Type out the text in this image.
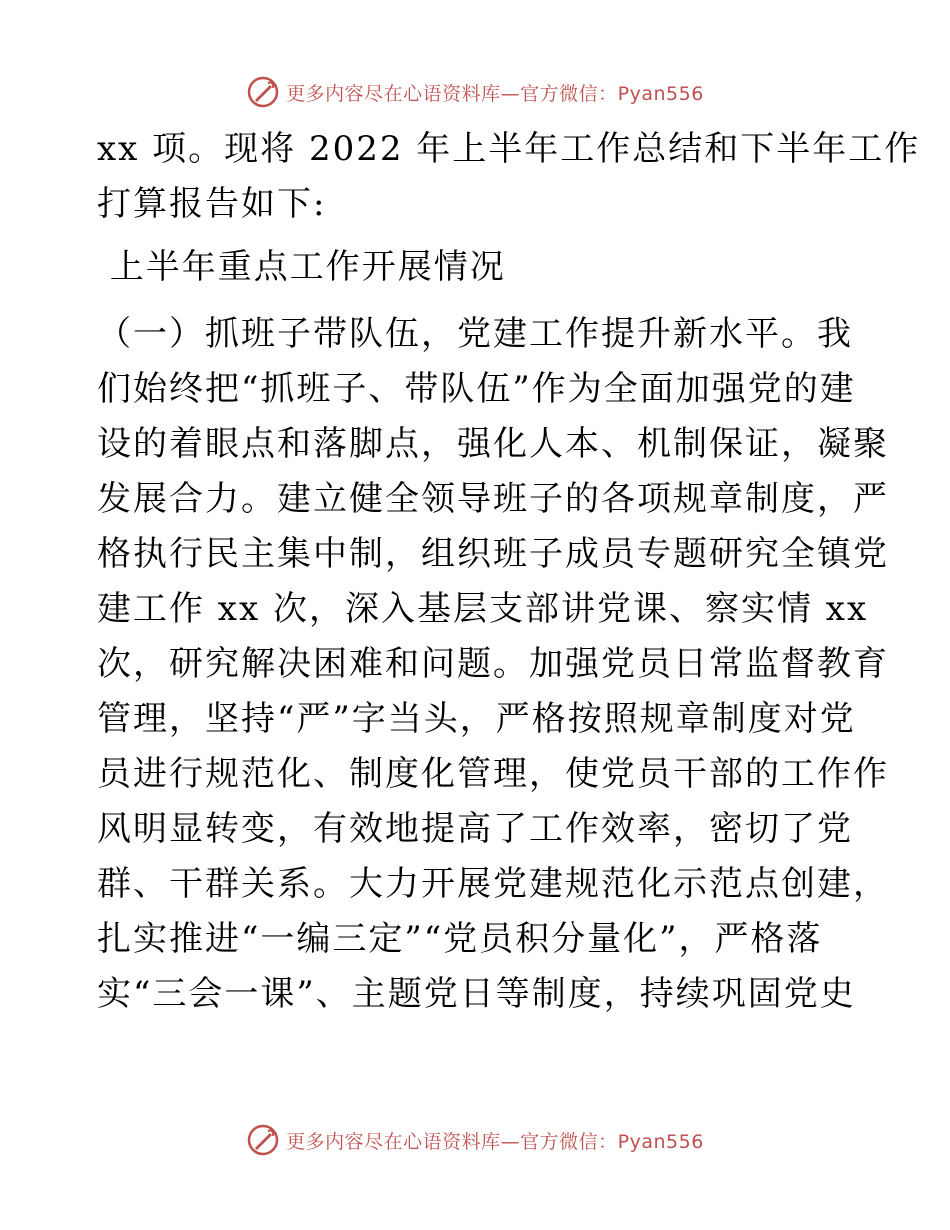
更多内容尽在心语资料库—官方微信：Pyan556
xx 项。现将 2022 年上半年工作总结和下半年工作
打算报告如下:
上半年重点工作开展情况
（一）抓班子带队伍，党建工作提升新水平。我
们始终把“抓班子、带队伍”作为全面加强党的建
设的着眼点和落脚点，强化人本、机制保证，凝聚
发展合力。建立健全领导班子的各项规章制度，严
格执行民主集中制，组织班子成员专题研究全镇党
建工作 xx 次，深入基层支部讲党课、察实情 xx
次，研究解决困难和问题。加强党员日常监督教育
管理，坚持“严”字当头，严格按照规章制度对党
员进行规范化、制度化管理，使党员干部的工作作
风明显转变，有效地提高了工作效率，密切了党
群、干群关系。大力开展党建规范化示范点创建，
扎实推进“一编三定”“党员积分量化”，严格落
实“三会一课”、主题党日等制度，持续巩固党史
更多内容尽在心语资料库—官方微信：Pyan556
